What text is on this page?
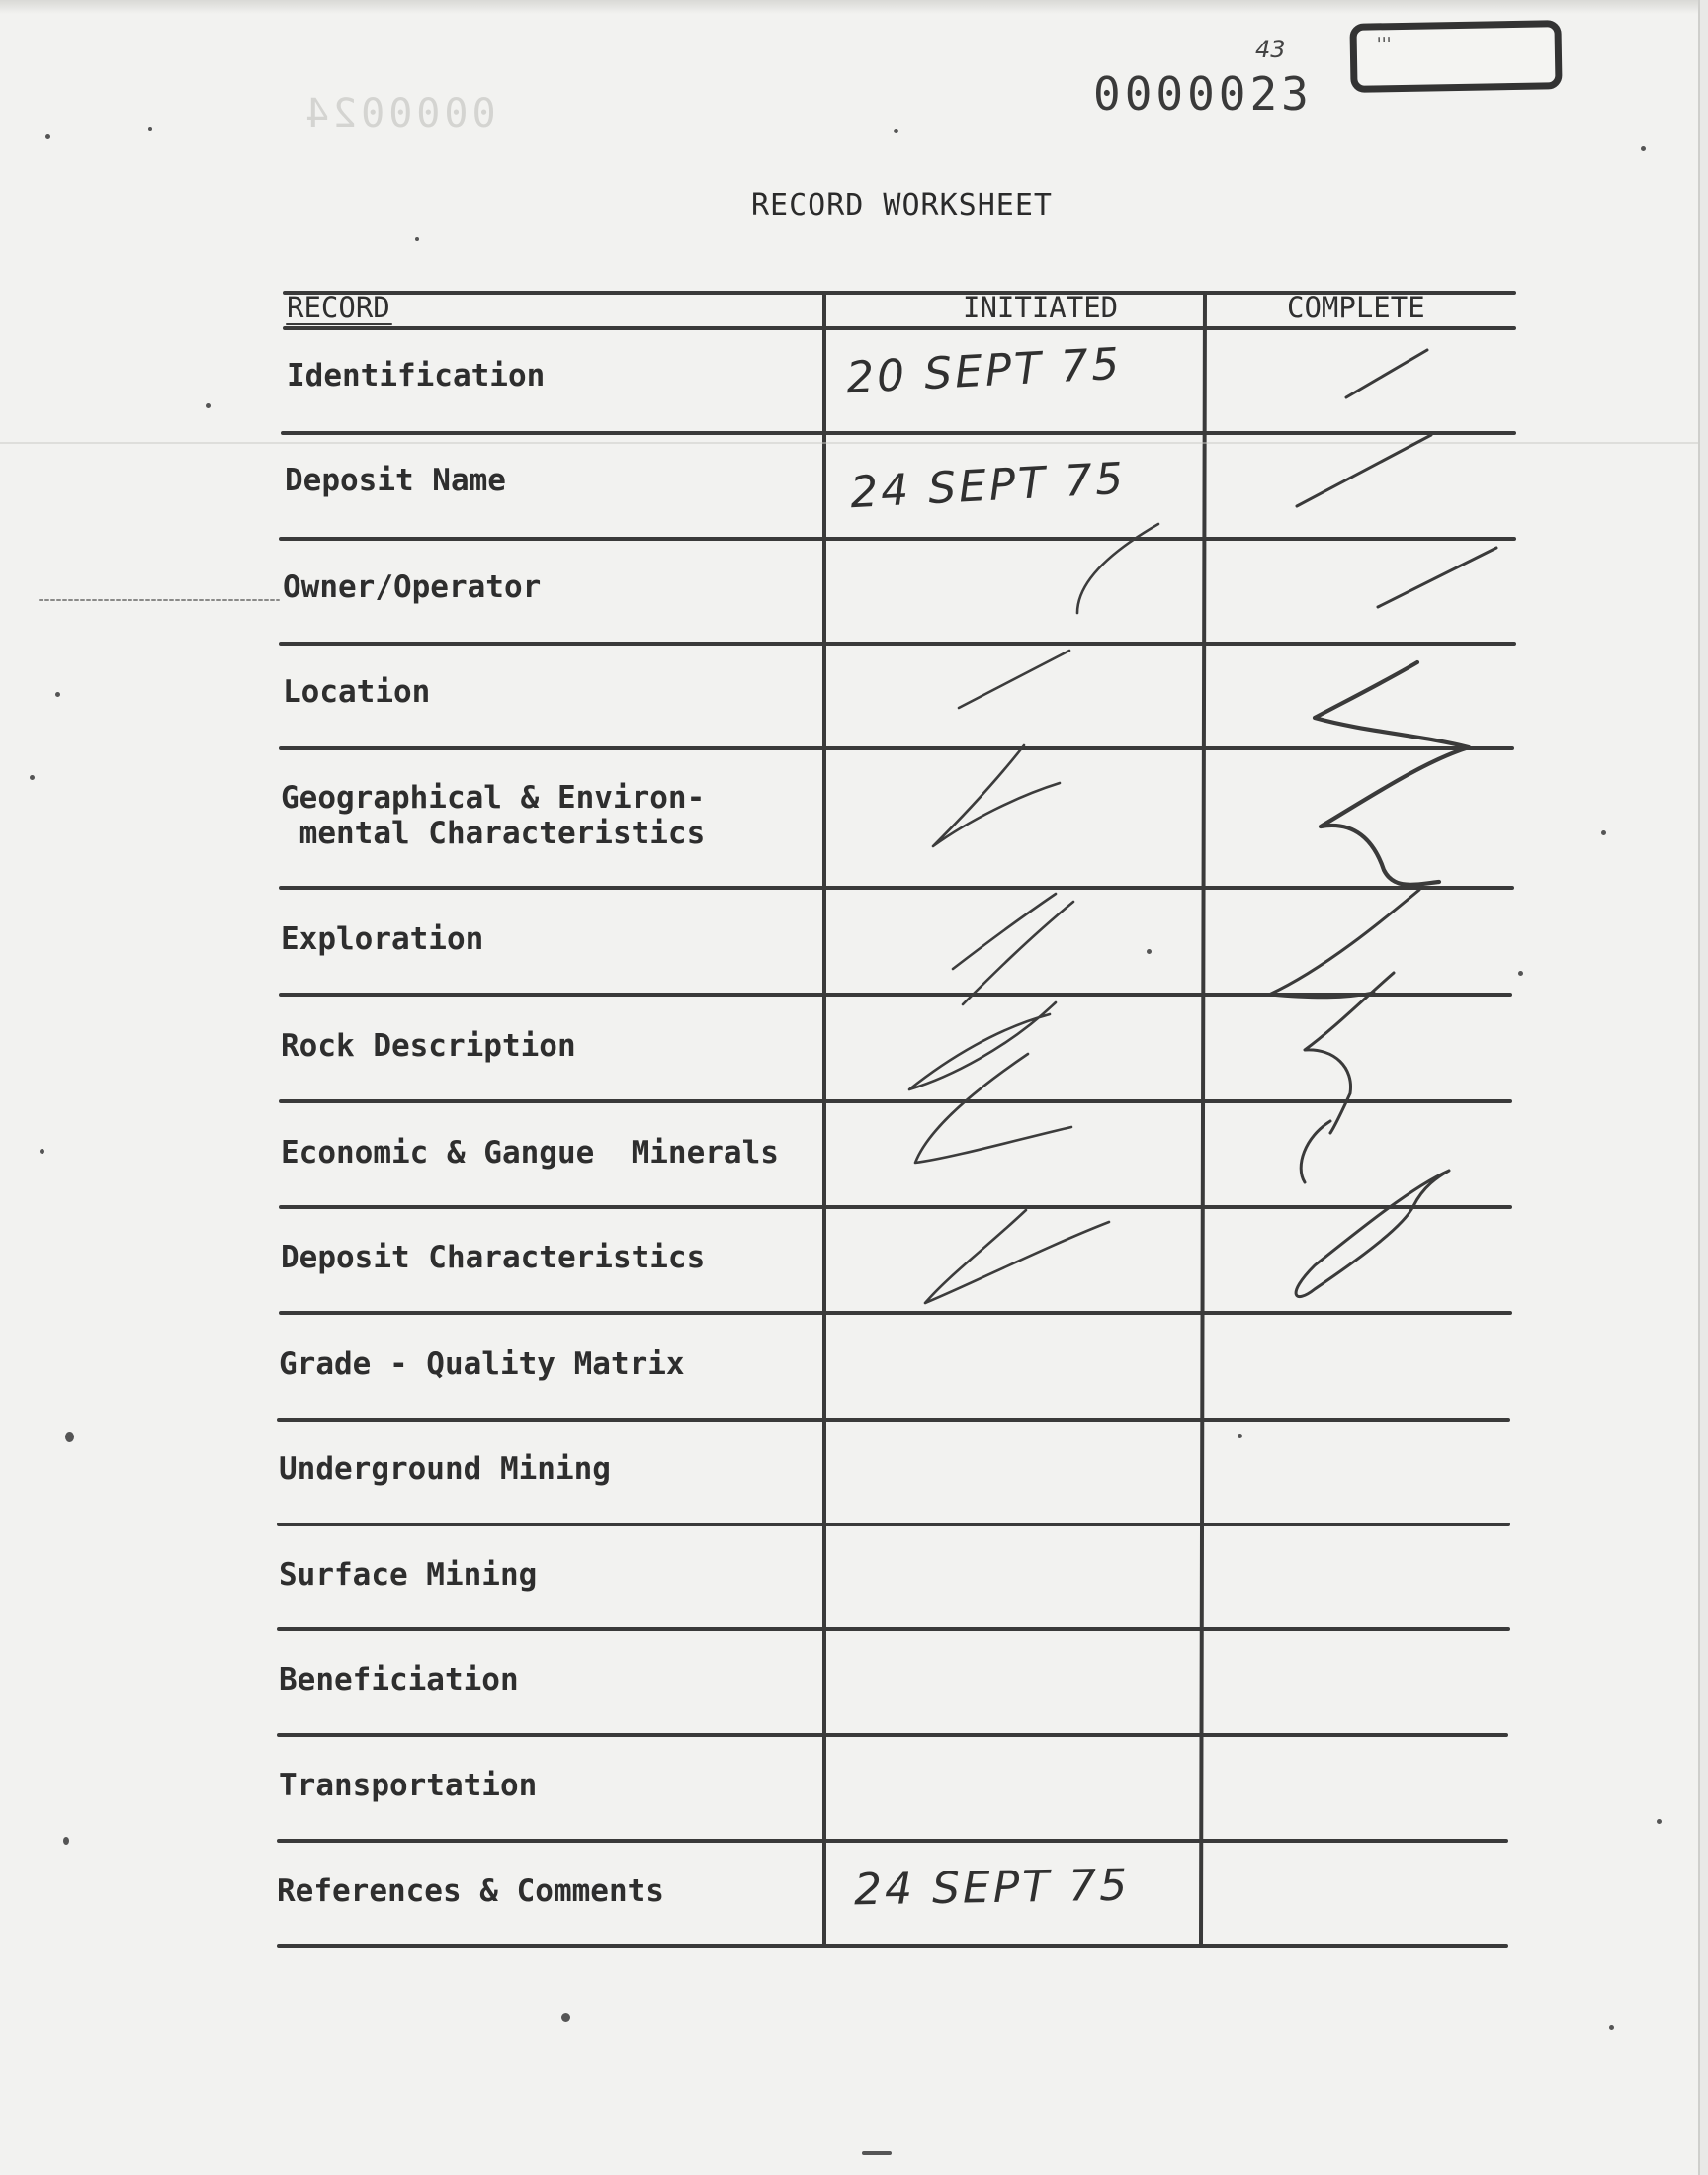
0000024
43
0000023
'''
RECORD WORKSHEET
RECORD	INITIATED	COMPLETE
Identification
Deposit Name
Owner/Operator
Location
Geographical & Environ-
mental Characteristics
Exploration
Rock Description
Economic & Gangue  Minerals
Deposit Characteristics
Grade - Quality Matrix
Underground Mining
Surface Mining
Beneficiation
Transportation
References & Comments
20 SEPT 75
24 SEPT 75
24 SEPT 75
